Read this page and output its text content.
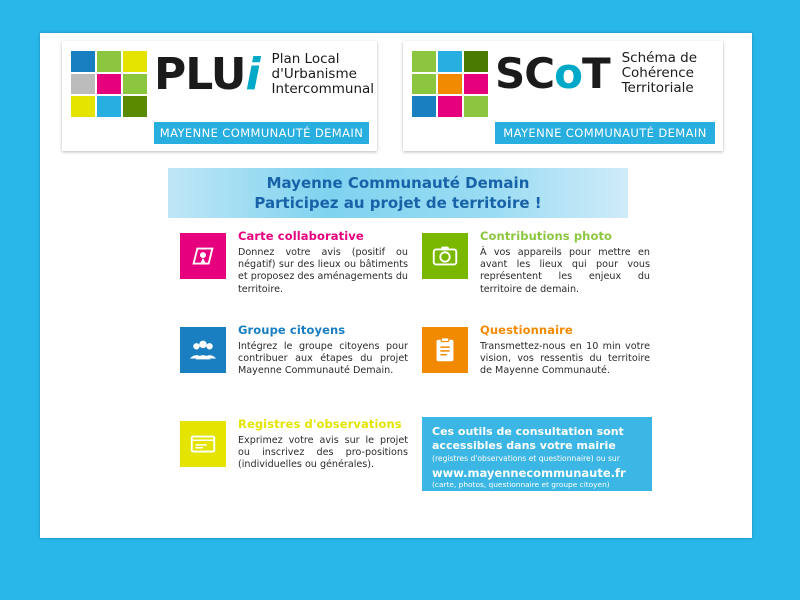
PLUi Plan Local
d'Urbanisme
Intercommunal
MAYENNE COMMUNAUTÉ DEMAIN
SCoT Schéma de
Cohérence
Territoriale
MAYENNE COMMUNAUTÉ DEMAIN
Mayenne Communauté Demain
Participez au projet de territoire !
Carte collaborative
Donnez votre avis (positif ou négatif) sur des lieux ou bâtiments et proposez des aménagements du territoire.
Contributions photo
À vos appareils pour mettre en avant les lieux qui pour vous représentent les enjeux du territoire de demain.
Groupe citoyens
Intégrez le groupe citoyens pour contribuer aux étapes du projet Mayenne Communauté Demain.
Questionnaire
Transmettez-nous en 10 min votre vision, vos ressentis du territoire de Mayenne Communauté.
Registres d'observations
Exprimez votre avis sur le projet ou inscrivez des pro-positions (individuelles ou générales).
Ces outils de consultation sont accessibles dans votre mairie
(registres d'observations et questionnaire) ou sur
www.mayennecommunaute.fr
(carte, photos, questionnaire et groupe citoyen)
